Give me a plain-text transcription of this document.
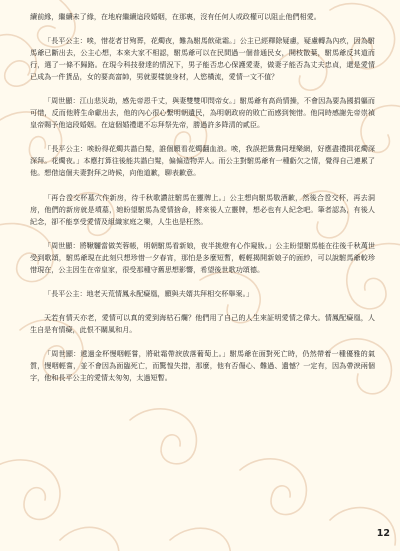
續前緣，繼續未了緣，在地府繼續這段婚姻，在那裏，沒有任何人或政權可以阻止他們相愛。

「長平公主：唉，惜花者甘殉葬，花燭夜，難為駙馬飲砒霜。」公主已經釋除疑慮，疑慮轉為內疚，因為駙馬爺已斷出去，公主心想，本來大家不相認，駙馬爺可以在民間過一個普通民女，開枝散葉，駙馬爺反其道而行，選了一條不歸路。在現今科技發達的情況下，男子能否忠心保護愛妻，做妻子能否為丈夫忠貞，還是愛情已成為一件貨品，女的要高富帥，男就要樣貌身材，人慾橫流，愛情一文不值？

「周世顯：江山悲災劫，感先帝恩千丈，與妻雙雙叩問帝女。」駙馬爺有高尚情操，不會因為要為國捐軀而可惜，反而他將生命獻出去，他的內心很心繫明朝遺民，為明朝政府的敗亡而感到惋惜。他同時感謝先帝崇禎皇帝賜予他這段婚姻。在這個婚禮還不忘拜祭先帝，勝過許多降清的貳臣。

「長平公主：唉盼得花燭共諧白髮，誰個願看花燭翻血浪。唉，我誤把鴛鴦同埋樂網，好應盡禮揖花燭深深拜。花燭夜。」本應打算往後能共諧白髮，偏偏造物弄人。而公主對駙馬爺有一種虧欠之情，覺得自己連累了他。想借這個夫妻對拜之時候，向他道歉，聊表歉意。

「再合卺交杯墓穴作新房，待千秋歌讚註駙馬在靈牌上。」公主想向駙馬敬酒歉，然後合卺交杯，再去洞房，他們的新房就是墳墓，她盼望駙馬為愛情捨命，將來後人立靈牌，想必也有人紀念吧。筆者認為，有後人紀念，卻不能享受愛情及組織家庭之樂，人生也是枉然。

「周世顯：將鞦韆當做芙蓉帳，明朝駙馬看新娘，夜半挑燈有心作窺妝。」公主盼望駙馬能在往後千秋萬世受到歌頌，駙馬爺現在此刻只想珍惜一夕春宵，那怕是多麼短暫，輕輕揭開新娘子的面紗，可以說駙馬爺較珍惜現在，公主因生在帝皇家，很受那種守舊思想影響，希望後世歌功頌德。

「長平公主：地老天荒情鳳永配癡凰，願與夫婿共拜相交杯舉案。」

天若有情天亦老，愛情可以真的愛到海枯石爛？他們用了自己的人生來証明愛情之偉大。情鳳配癡凰，人生自是有情癡，此恨不關風和月。

「周世顯：遞過金杯慢咽輕嘗，將砒霜帶淚放落葡萄上。」駙馬爺在面對死亡時，仍然帶着一種優雅的氣質，慢咽輕嘗，並不會因為面臨死亡，而驚惶失措，那麼，他有否傷心、難過、遺憾？一定有，因為帶淚兩個字，他和長平公主的愛情太匆匆，太過短暫。

12
